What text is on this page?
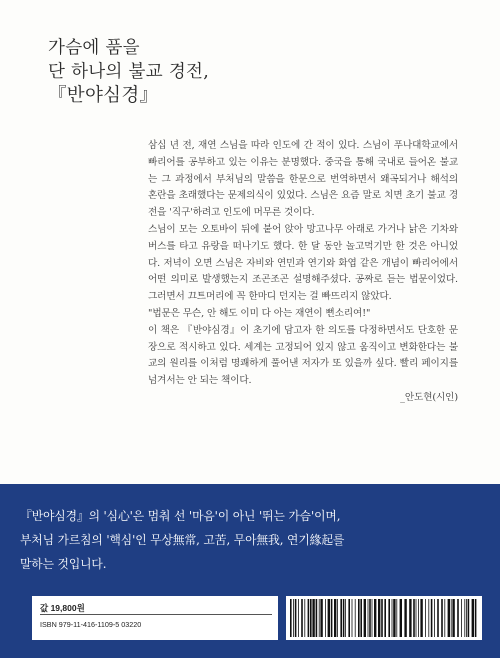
가슴에 품을
단 하나의 불교 경전,
『반야심경』

삼십 년 전, 재연 스님을 따라 인도에 간 적이 있다. 스님이 푸나대학교에서 빠리어를 공부하고 있는 이유는 분명했다. 중국을 통해 국내로 들어온 불교는 그 과정에서 부처님의 말씀을 한문으로 번역하면서 왜곡되거나 해석의 혼란을 초래했다는 문제의식이 있었다. 스님은 요즘 말로 치면 초기 불교 경전을 '직구'하려고 인도에 머무른 것이다.

스님이 모는 오토바이 뒤에 붙어 앉아 망고나무 아래로 가거나 낡은 기차와 버스를 타고 유랑을 떠나기도 했다. 한 달 동안 놀고먹기만 한 것은 아니었다. 저녁이 오면 스님은 자비와 연민과 연기와 화엽 같은 개념이 빠리어에서 어떤 의미로 발생했는지 조곤조곤 설명해주셨다. 공짜로 듣는 법문이었다. 그러면서 끄트머리에 꼭 한마디 던지는 걸 빠뜨리지 않았다.

"법문은 무슨, 안 해도 이미 다 아는 재연이 뻔소리여!"

이 책은 『반야심경』이 초기에 담고자 한 의도를 다정하면서도 단호한 문장으로 적시하고 있다. 세계는 고정되어 있지 않고 움직이고 변화한다는 불교의 원리를 이처럼 명쾌하게 풀어낸 저자가 또 있을까 싶다. 빨리 페이지를 넘겨서는 안 되는 책이다.

_안도현(시인)

『반야심경』의 '심心'은 멈춰 선 '마음'이 아닌 '뛰는 가슴'이며,
부처님 가르침의 '핵심'인 무상無常, 고苦, 무아無我, 연기緣起를
말하는 것입니다.
값 19,800원
ISBN 979-11-416-1109-5 03220
